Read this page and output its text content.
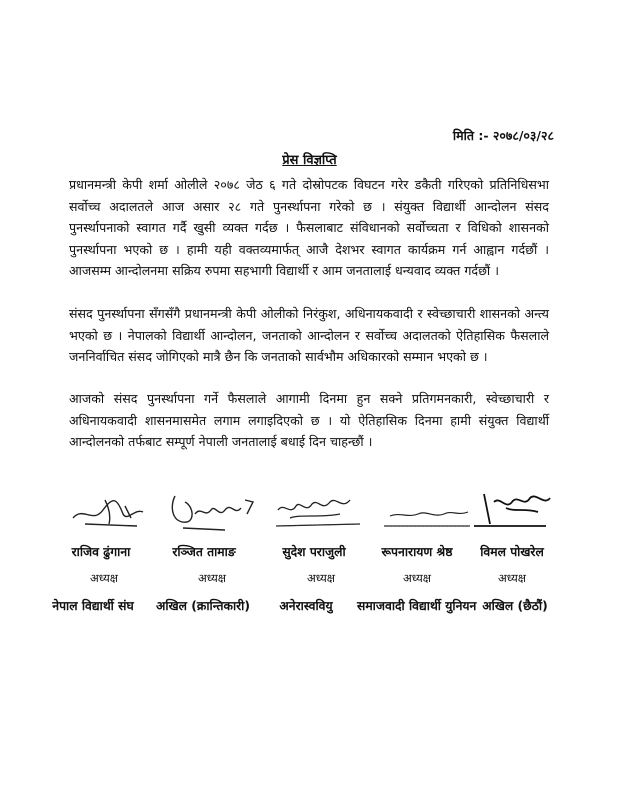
मिति :- २०७८/०३/२८
प्रेस विज्ञप्ति

प्रधानमन्त्री केपी शर्मा ओलीले २०७८ जेठ ६ गते दोस्रोपटक विघटन गरेर डकैती गरिएको प्रतिनिधिसभा सर्वोच्च अदालतले आज असार २८ गते पुनर्स्थापना गरेको छ । संयुक्त विद्यार्थी आन्दोलन संसद पुनर्स्थापनाको स्वागत गर्दै खुसी व्यक्त गर्दछ । फैसलाबाट संविधानको सर्वोच्चता र विधिको शासनको पुनर्स्थापना भएको छ । हामी यही वक्तव्यमार्फत् आजै देशभर स्वागत कार्यक्रम गर्न आह्वान गर्दछौं । आजसम्म आन्दोलनमा सक्रिय रुपमा सहभागी विद्यार्थी र आम जनतालाई धन्यवाद व्यक्त गर्दछौं ।

संसद पुनर्स्थापना सँगसँगै प्रधानमन्त्री केपी ओलीको निरंकुश, अधिनायकवादी र स्वेच्छाचारी शासनको अन्त्य भएको छ । नेपालको विद्यार्थी आन्दोलन, जनताको आन्दोलन र सर्वोच्च अदालतको ऐतिहासिक फैसलाले जननिर्वाचित संसद जोगिएको मात्रै छैन कि जनताको सार्वभौम अधिकारको सम्मान भएको छ ।

आजको संसद पुनर्स्थापना गर्ने फैसलाले आगामी दिनमा हुन सक्ने प्रतिगमनकारी, स्वेच्छाचारी र अधिनायकवादी शासनमासमेत लगाम लगाइदिएको छ । यो ऐतिहासिक दिनमा हामी संयुक्त विद्यार्थी आन्दोलनको तर्फबाट सम्पूर्ण नेपाली जनतालाई बधाई दिन चाहन्छौं ।

राजिव ढुंगाना	रञ्जित तामाङ	सुदेश पराजुली	रूपनारायण श्रेष्ठ	विमल पोखरेल
अध्यक्ष	अध्यक्ष	अध्यक्ष	अध्यक्ष	अध्यक्ष
नेपाल विद्यार्थी संघ	अखिल (क्रान्तिकारी)	अनेरास्ववियु	समाजवादी विद्यार्थी युनियन अखिल (छैठौं)
